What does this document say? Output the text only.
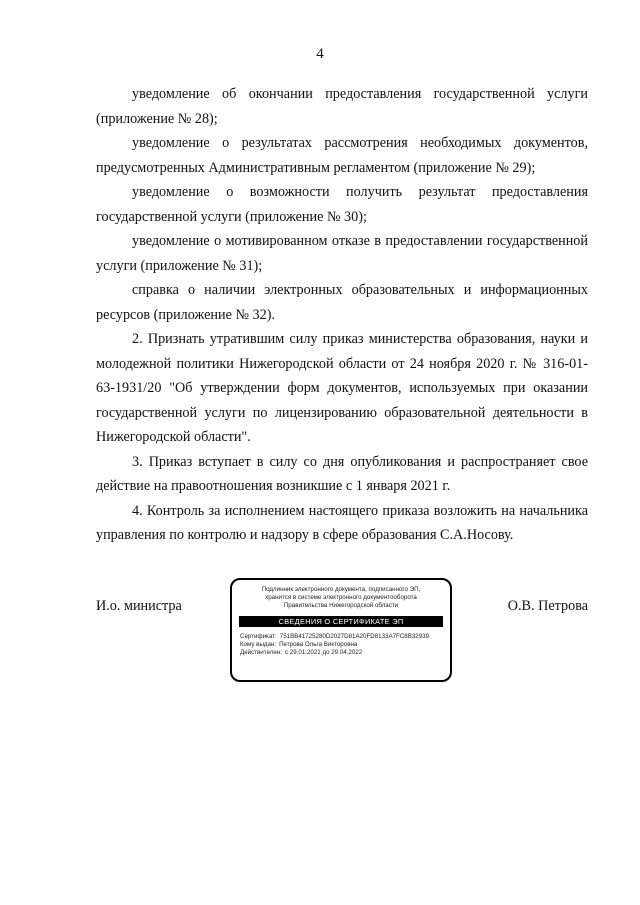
4

уведомление об окончании предоставления государственной услуги (приложение № 28);

уведомление о результатах рассмотрения необходимых документов, предусмотренных Административным регламентом (приложение № 29);

уведомление о возможности получить результат предоставления государственной услуги (приложение № 30);

уведомление о мотивированном отказе в предоставлении государственной услуги (приложение № 31);

справка о наличии электронных образовательных и информационных ресурсов (приложение № 32).

2. Признать утратившим силу приказ министерства образования, науки и молодежной политики Нижегородской области от 24 ноября 2020 г. № 316-01-63-1931/20 "Об утверждении форм документов, используемых при оказании государственной услуги по лицензированию образовательной деятельности в Нижегородской области".

3. Приказ вступает в силу со дня опубликования и распространяет свое действие на правоотношения возникшие с 1 января 2021 г.

4. Контроль за исполнением настоящего приказа возложить на начальника управления по контролю и надзору в сфере образования С.А.Носову.

И.о. министра
Подлинник электронного документа, подписанного ЭП,
хранится в системе электронного документооборота
Правительства Нижегородской области
СВЕДЕНИЯ О СЕРТИФИКАТЕ ЭП
Сертификат: 751BB41725280D2027D81A20FD8133A7FC8B32939
Кому выдан: Петрова Ольга Викторовна
Действителен: с 29.01.2021 до 29.04.2022
О.В. Петрова
